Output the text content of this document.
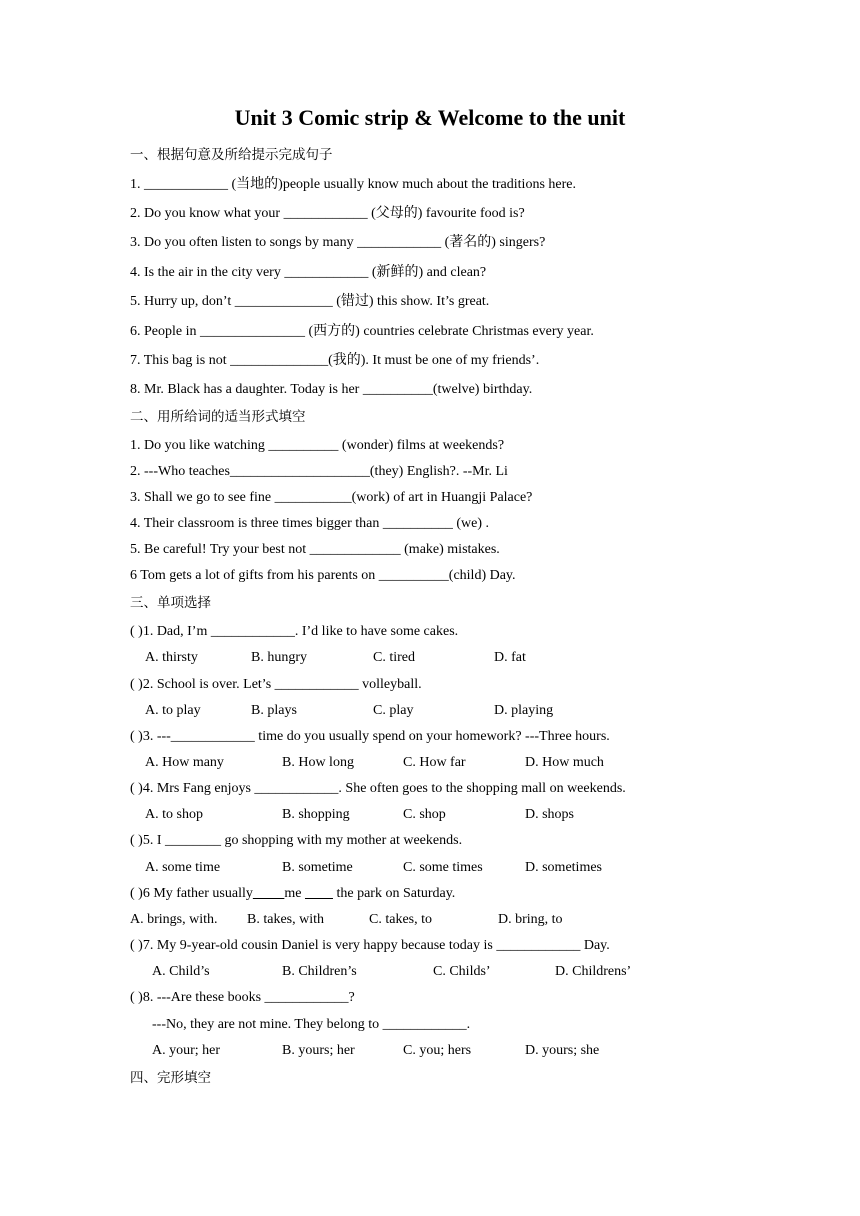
Unit 3 Comic strip & Welcome to the unit
一、根据句意及所给提示完成句子
1. ____________ (当地的)people usually know much about the traditions here.
2. Do you know what your ____________ (父母的) favourite food is?
3. Do you often listen to songs by many ____________ (著名的) singers?
4. Is the air in the city very ____________ (新鲜的) and clean?
5. Hurry up, don’t ______________ (错过) this show. It’s great.
6. People in _______________ (西方的) countries celebrate Christmas every year.
7. This bag is not ______________(我的). It must be one of my friends’.
8. Mr. Black has a daughter. Today is her __________(twelve) birthday.
二、用所给词的适当形式填空
1. Do you like watching __________ (wonder) films at weekends?
2. ---Who teaches____________________(they) English?. --Mr. Li
3. Shall we go to see fine ___________(work) of art in Huangji Palace?
4. Their classroom is three times bigger than __________ (we) .
5. Be careful! Try your best not _____________ (make) mistakes.
6 Tom gets a lot of gifts from his parents on __________(child) Day.
三、单项选择
( )1. Dad, I’m ____________. I’d like to have some cakes.
A. thirsty	B. hungry	C. tired	D. fat
( )2. School is over. Let’s ____________ volleyball.
A. to play	B. plays	C. play	D. playing
( )3. ---____________ time do you usually spend on your homework? ---Three hours.
A. How many	B. How long	C. How far	D. How much
( )4. Mrs Fang enjoys ____________. She often goes to the shopping mall on weekends.
A. to shop	B. shopping	C. shop	D. shops
( )5. I ________ go shopping with my mother at weekends.
A. some time	B. sometime	C. some times	D. sometimes
( )6 My father usually me          the park on Saturday.
A. brings, with. B. takes, with	C. takes, to	D. bring, to
( )7. My 9-year-old cousin Daniel is very happy because today is ____________ Day.
A. Child’s	B. Children’s	C. Childs’	D. Childrens’
( )8. ---Are these books ____________?
---No, they are not mine. They belong to ____________.
A. your; her	B. yours; her	C. you; hers	D. yours; she
四、完形填空
